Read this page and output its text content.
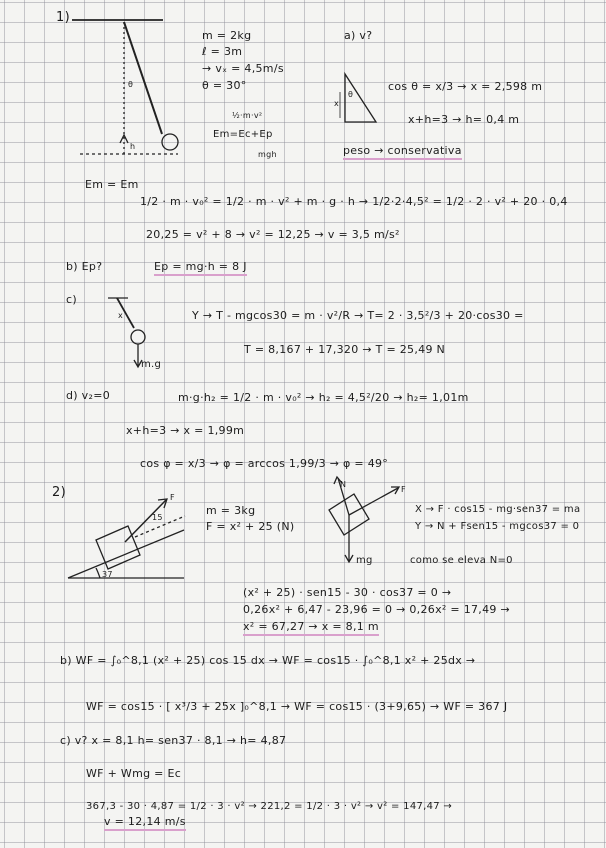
1)
θ
h
m = 2kg
ℓ = 3m
→ vₓ = 4,5m/s
θ = 30°
½·m·v²
Em=Ec+Ep
mgh
a) v?
x
θ
cos θ = x/3 → x = 2,598 m
x+h=3 → h= 0,4 m
peso → conservativa
Em = Em
1/2 · m · v₀² = 1/2 · m · v² + m · g · h → 1/2·2·4,5² = 1/2 · 2 · v² + 20 · 0,4
20,25 = v² + 8 → v² = 12,25 → v = 3,5 m/s²
b) Ep?	Ep = mg·h = 8 J
c)
x
m.g
Y → T - mgcos30 = m · v²/R → T= 2 · 3,5²/3 + 20·cos30 =
T = 8,167 + 17,320 → T = 25,49 N
d) v₂=0	m·g·h₂ = 1/2 · m · v₀² → h₂ = 4,5²/20 → h₂= 1,01m
x+h=3 → x = 1,99m
cos φ = x/3 → φ = arccos 1,99/3 → φ = 49°
2)	F
15
37
m = 3kg
F = x² + 25 (N)
N
F
mg
X → F · cos15 - mg·sen37 = ma
Y → N + Fsen15 - mgcos37 = 0
como se eleva N=0
(x² + 25) · sen15 - 30 · cos37 = 0 →
0,26x² + 6,47 - 23,96 = 0 → 0,26x² = 17,49 →
x² = 67,27 → x = 8,1 m
b) WF = ∫₀^8,1 (x² + 25) cos 15 dx → WF = cos15 · ∫₀^8,1 x² + 25dx →
WF = cos15 · [ x³/3 + 25x ]₀^8,1 → WF = cos15 · (3+9,65) → WF = 367 J
c) v? x = 8,1 h= sen37 · 8,1 → h= 4,87
WF + Wmg = Ec
367,3 - 30 · 4,87 = 1/2 · 3 · v² → 221,2 = 1/2 · 3 · v² → v² = 147,47 →
v = 12,14 m/s
